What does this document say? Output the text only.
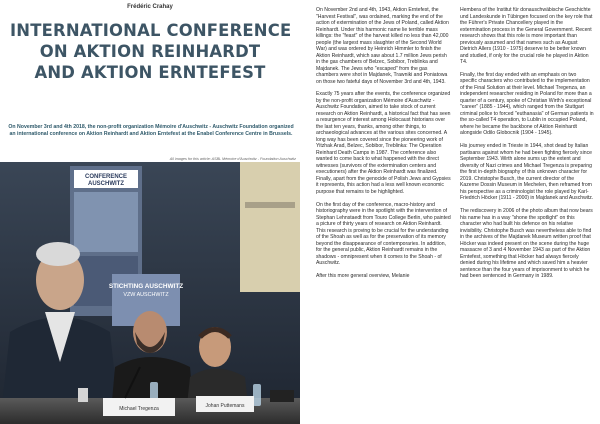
Frédéric Crahay
INTERNATIONAL CONFERENCE
ON AKTION REINHARDT
AND AKTION ERNTEFEST

On November 3rd and 4th 2018, the non-profit organization Mémoire d'Auschwitz - Auschwitz Foundation organized an international conference on Aktion Reinhardt and Aktion Erntefest at the Enabel Conference Centre in Brussels.

All images for this article: ASBL Mémoire d'Auschwitz - Foundation Auschwitz
CONFERENCE
AUSCHWITZ
STICHTING AUSCHWITZ
VZW AUSCHWITZ
Michael Tregenza	Johan Puttemans

On November 2nd and 4th, 1943, Aktion Erntefest, the "Harvest Festival", was ordained, marking the end of the action of extermination of the Jews of Poland, called Aktion Reinhardt. Under this harmonic name lie terrible mass killings: the "feast" of the harvest killed no less than 42,000 people (the largest mass slaughter of the Second World War) and was ordered by Heinrich Himmler to finish the Aktion Reinhardt, which saw about 1.7 million Jews perish in the gas chambers of Belzec, Sobibor, Treblinka and Majdanek. The Jews who "escaped" from the gas chambers were shot in Majdanek, Trawniki and Poniatowa on those two fateful days of November 3rd and 4th, 1943.

Exactly 75 years after the events, the conference organized by the non-profit organization Mémoire d'Auschwitz - Auschwitz Foundation, aimed to take stock of current research on Aktion Reinhardt, a historical fact that has seen a resurgence of interest among Holocaust historians over the last ten years, thanks, among other things, to archaeological advances at the various sites concerned. A long way has been covered since the pioneering work of Yitzhak Arad, Belzec, Sobibor, Treblinka: The Operation Reinhard Death Camps in 1987. The conference also wanted to come back to what happened with the direct witnesses (survivors of the extermination centers and executioners) after the Aktion Reinhardt was finalized. Finally, apart from the genocide of Polish Jews and Gypsies it represents, this action had a less well known economic purpose that remains to be highlighted.

On the first day of the conference, macro-history and historiography were in the spotlight with the intervention of Stephan Lehnstaedt from Touro College Berlin, who painted a picture of thirty years of research on Aktion Reinhardt. This research is proving to be crucial for the understanding of the Shoah as well as for the preservation of its memory beyond the disappearance of contemporaries. In addition, for the general public, Aktion Reinhardt remains in the shadows - omnipresent when it comes to the Shoah - of Auschwitz.

After this more general overview, Melanie

Hembera of the Institut für donauschwäbische Geschichte und Landeskunde in Tübingen focused on the key role that the Führer's Private Chancellery played in the extermination process in the General Government. Recent research shows that this role is more important than previously assumed and that names such as August Dietrich Allers (1910 - 1975) deserve to be better known and studied, if only for the crucial role he played in Aktion T4.

Finally, the first day ended with an emphasis on two specific characters who contributed to the implementation of the Final Solution at their level. Michael Tregenza, an independent researcher residing in Poland for more than a quarter of a century, spoke of Christian Wirth's exceptional "career" (1885 - 1944), which ranged from the Stuttgart criminal police to forced "euthanasia" of German patients in the so-called T4 operation, to Lublin in occupied Poland, where he became the backbone of Aktion Reinhardt alongside Odilo Globocnik (1904 - 1945).

His journey ended in Trieste in 1944, shot dead by Italian partisans against whom he had been fighting fiercely since September 1943. Wirth alone sums up the extent and diversity of Nazi crimes and Michael Tregenza is preparing the first in-depth biography of this unknown character for 2019. Christophe Busch, the current director of the Kazerne Dossin Museum in Mechelen, then reframed from his perspective as a criminologist the role played by Karl-Friedrich Höcker (1911 - 2000) in Majdanek and Auschwitz.

The rediscovery in 2006 of the photo album that now bears his name has in a way "shone the spotlight" on this character who had built his defence on his relative invisibility. Christophe Busch was nevertheless able to find in the archives of the Majdanek Museum written proof that Höcker was indeed present on the scene during the huge massacre of 3 and 4 November 1943 as part of the Aktion Erntefest, something that Höcker had always fiercely denied during his lifetime and which saved him a heavier sentence than the four years of imprisonment to which he had been sentenced in Germany in 1989.
